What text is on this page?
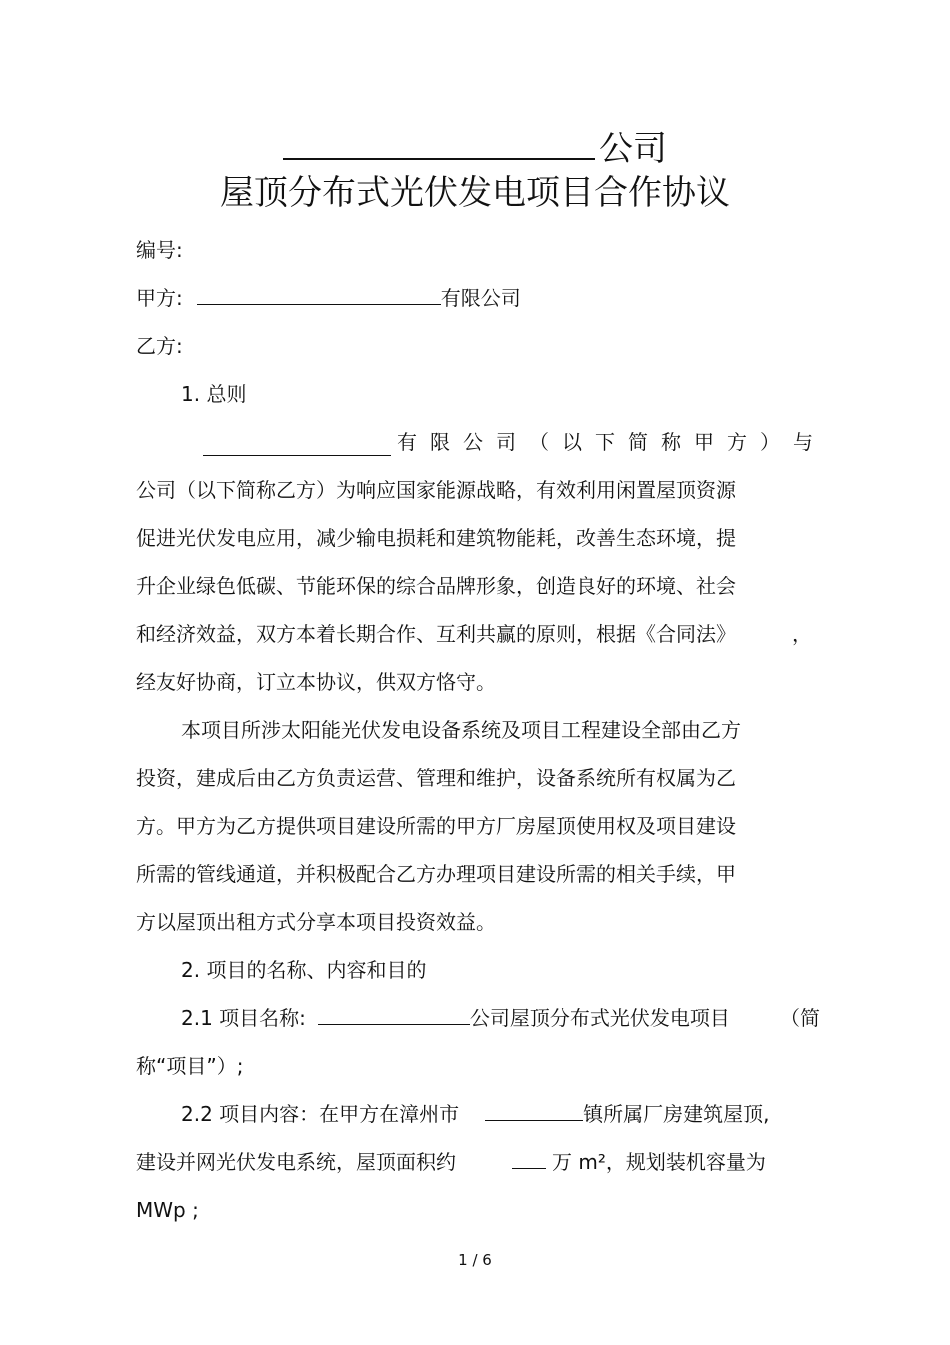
公司
屋顶分布式光伏发电项目合作协议
编号:
甲方:	有限公司
乙方:
1. 总则
有 限 公 司 （ 以 下 简 称 甲 方 ） 与
公司（以下简称乙方）为响应国家能源战略，有效利用闲置屋顶资源
促进光伏发电应用，减少输电损耗和建筑物能耗，改善生态环境，提
升企业绿色低碳、节能环保的综合品牌形象，创造良好的环境、社会
和经济效益，双方本着长期合作、互利共赢的原则，根据《合同法》	，
经友好协商，订立本协议，供双方恪守。
本项目所涉太阳能光伏发电设备系统及项目工程建设全部由乙方
投资，建成后由乙方负责运营、管理和维护，设备系统所有权属为乙
方。甲方为乙方提供项目建设所需的甲方厂房屋顶使用权及项目建设
所需的管线通道，并积极配合乙方办理项目建设所需的相关手续，甲
方以屋顶出租方式分享本项目投资效益。
2. 项目的名称、内容和目的
2.1 项目名称:	公司屋顶分布式光伏发电项目	（简
称“项目”）;
2.2 项目内容：在甲方在漳州市	镇所属厂房建筑屋顶,
建设并网光伏发电系统，屋顶面积约	万 m²，规划装机容量为
MWp ;
1 / 6
